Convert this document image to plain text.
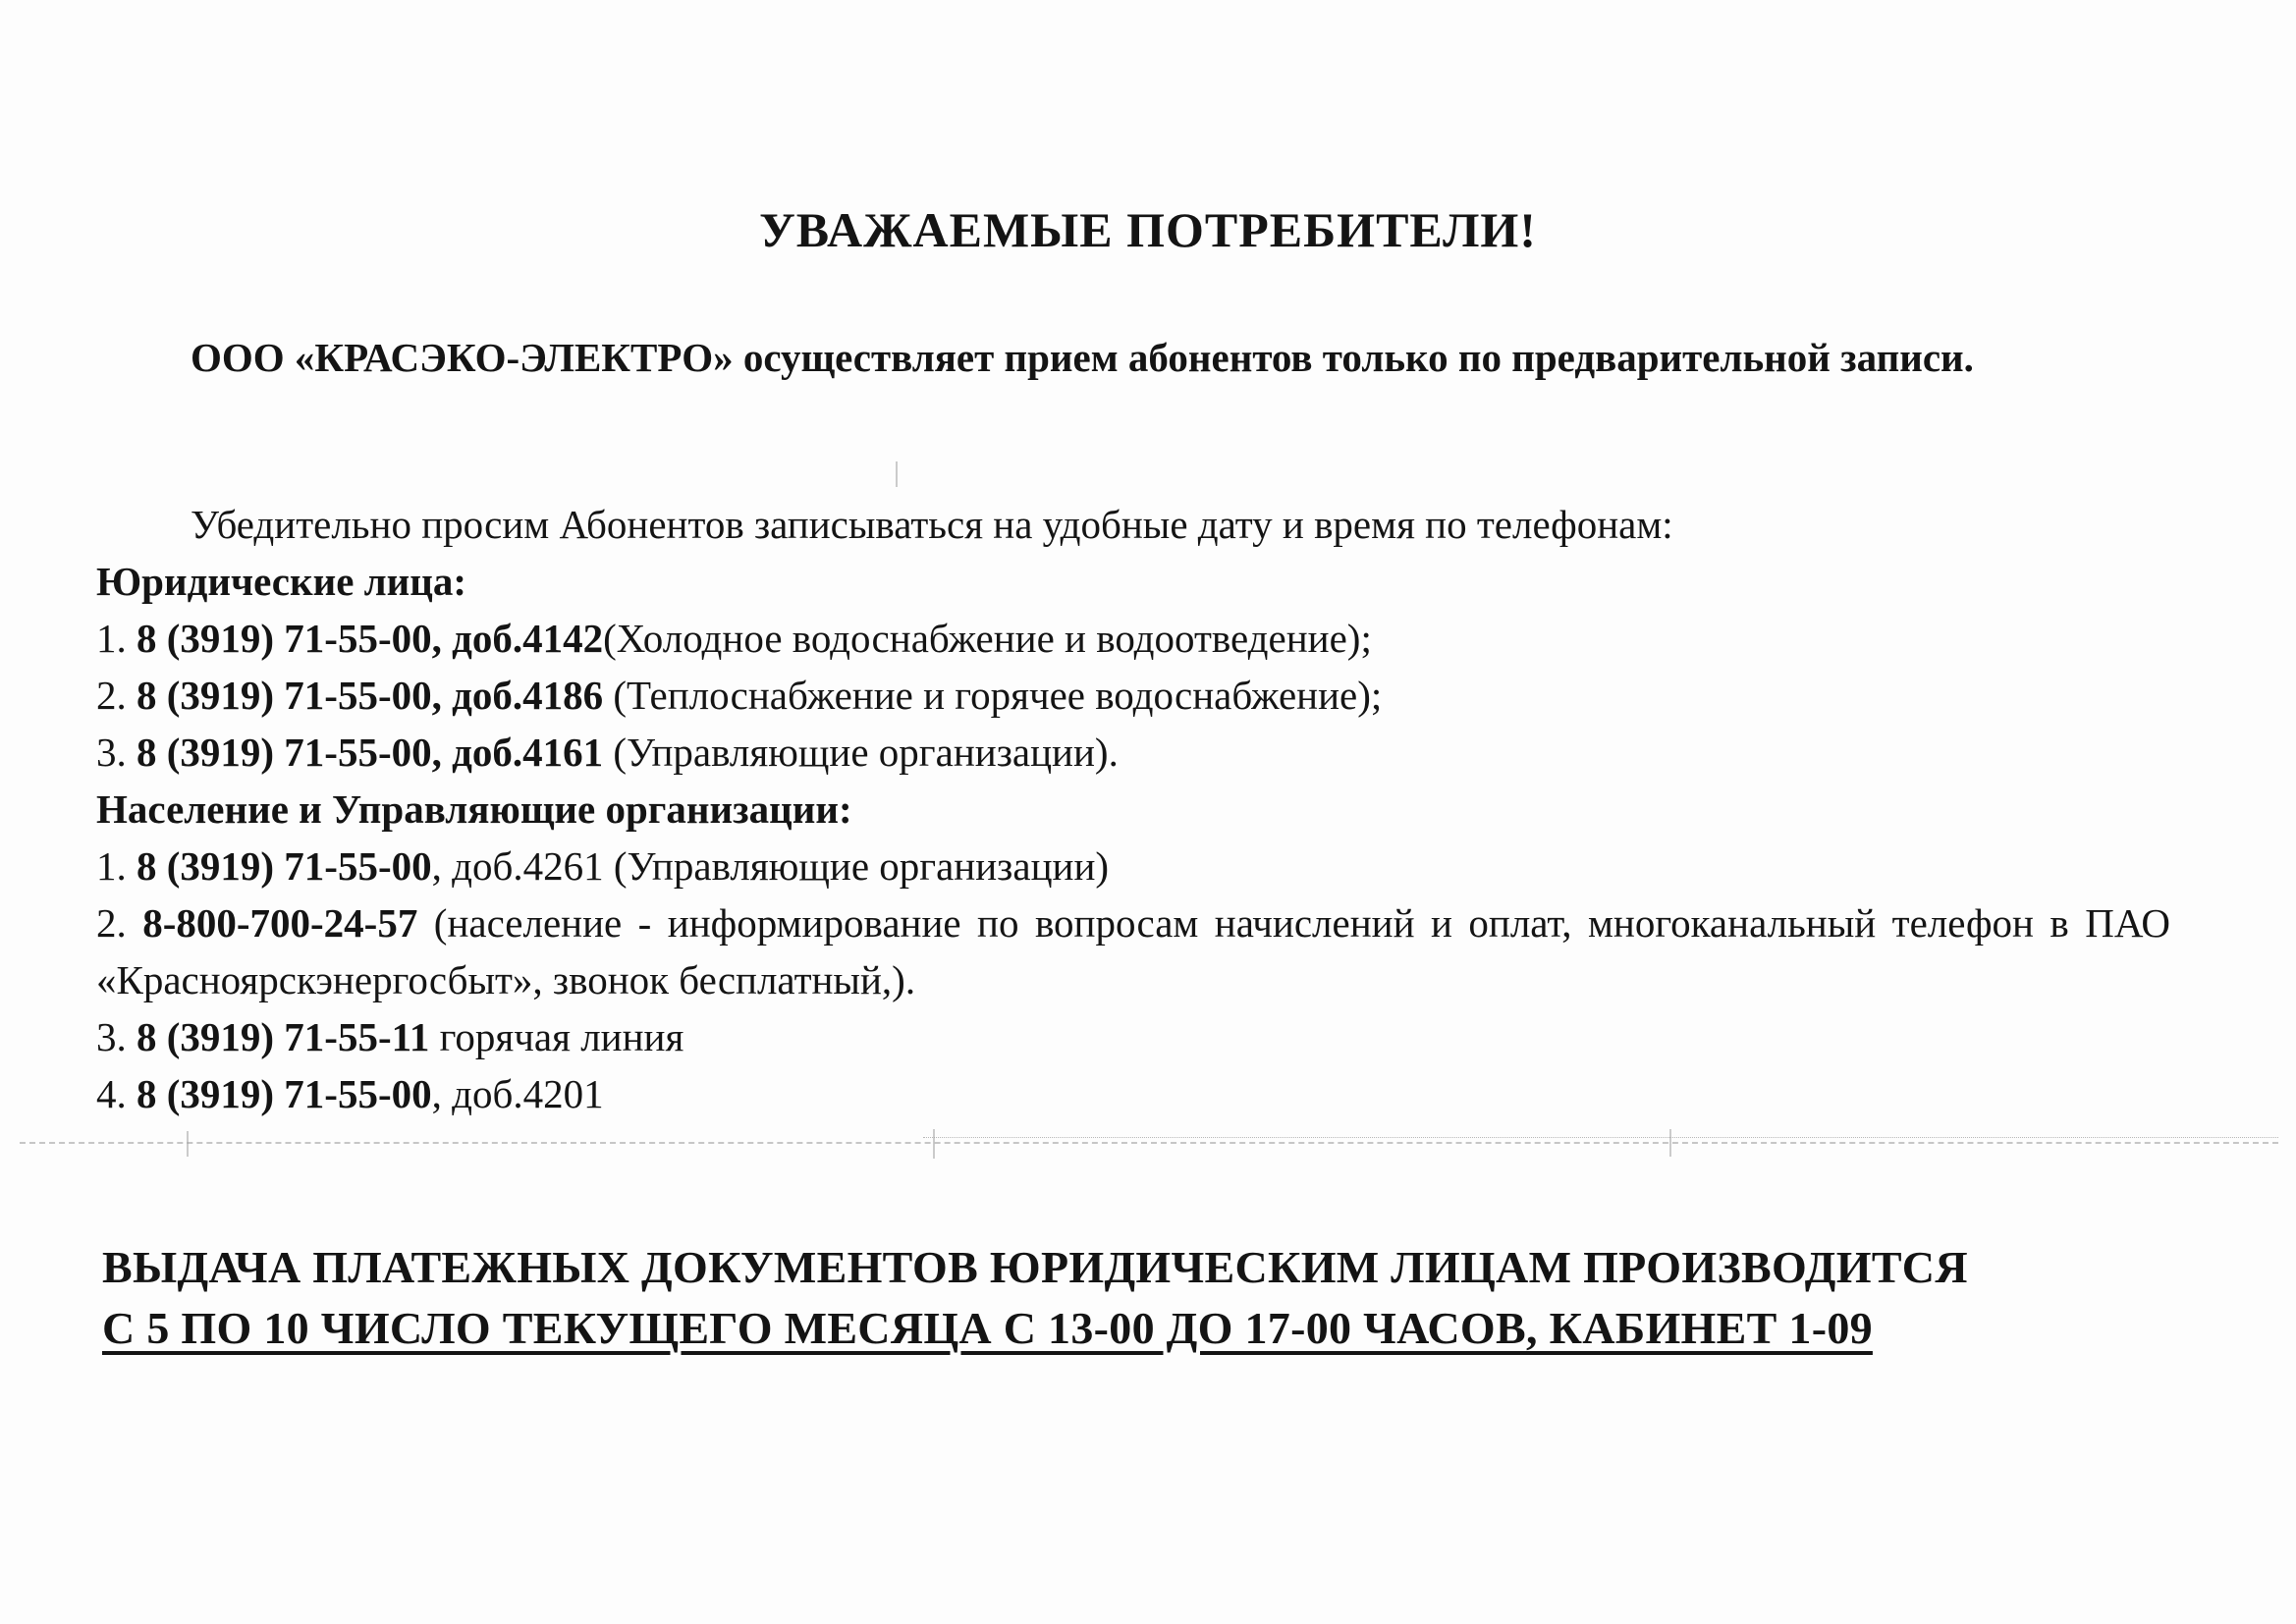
УВАЖАЕМЫЕ ПОТРЕБИТЕЛИ!
ООО «КРАСЭКО-ЭЛЕКТРО» осуществляет прием абонентов только по предварительной записи.
Убедительно просим Абонентов записываться на удобные дату и время по телефонам:
Юридические лица:
1. 8 (3919) 71-55-00, доб.4142(Холодное водоснабжение и водоотведение);
2. 8 (3919) 71-55-00, доб.4186 (Теплоснабжение и горячее водоснабжение);
3. 8 (3919) 71-55-00, доб.4161 (Управляющие организации).
Население и Управляющие организации:
1. 8 (3919) 71-55-00, доб.4261 (Управляющие организации)
2. 8-800-700-24-57 (население - информирование по вопросам начислений и оплат, многоканальный телефон в ПАО «Красноярскэнергосбыт», звонок бесплатный,).
3. 8 (3919) 71-55-11 горячая линия
4. 8 (3919) 71-55-00, доб.4201
ВЫДАЧА ПЛАТЕЖНЫХ ДОКУМЕНТОВ ЮРИДИЧЕСКИМ ЛИЦАМ ПРОИЗВОДИТСЯ
С 5 ПО 10 ЧИСЛО ТЕКУЩЕГО МЕСЯЦА С 13-00 ДО 17-00 ЧАСОВ, КАБИНЕТ 1-09
